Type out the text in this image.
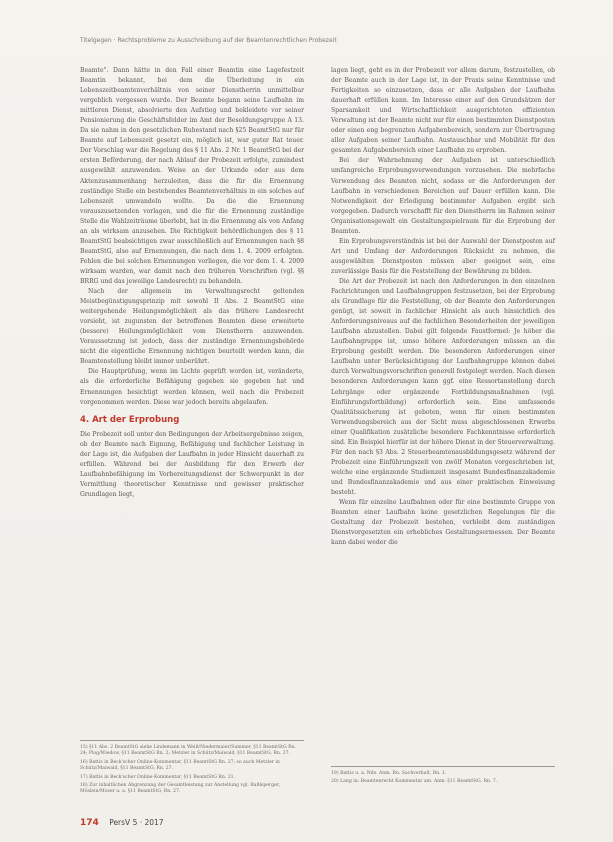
Titelgegen · Rechtsprobleme zu Ausschreibung auf der Beamtenrechtlichen Probezeit

Beamte". Dann hätte in den Fall einer Beamtin eine Lagefestzeit Beamtin bekannt, bei dem die Überleitung in ein Lebenszeitbeamtenverhältnis von seiner Dienstherrin unmittelbar vergeblich vergessen wurde. Der Beamte begann seine Laufbahn im mittleren Dienst, absolvierte den Aufstieg und bekleidete vor seiner Pensionierung die Geschäftsfelder im Amt der Besoldungsgruppe A 13. Da sie nahm in den gesetzlichen Ruhestand nach §25 BeamtStG nur für Beamte auf Lebenszeit gesetzt ein, möglich ist, war guter Rat teuer. Der Vorschlag war die Regelung des § 11 Abs. 2 Nr. 1 BeamtStG bei der ersten Beförderung, der nach Ablauf der Probezeit erfolgte, zumindest ausgewählt anzuwenden. Weise an der Urkunde oder aus dem Aktenzusammenhang herzuleiten, dass die für die Ernennung zuständige Stelle ein bestehendes Beamtenverhältnis in ein solches auf Lebenszeit umwandeln wollte. Da die die Ernennung vorauszusetzenden vorlagen, und die für die Ernennung zuständige Stelle die Wahlzeiträume überlebt, hat in die Ernennung als von Anfang an als wirksam anzusehen. Die Richtigkeit behördlichungen des § 11 BeamtStG beabsichtigen zwar ausschließlich auf Ernennungen nach §8 BeamtStG, also auf Ernennungen, die nach dem 1. 4. 2009 erfolgten. Fehlen die bei solchen Ernennungen vorliegen, die vor dem 1. 4. 2009 wirksam wurden, war damit nach den früheren Vorschriften (vgl. §§ BRRG und das jeweilige Landesrecht) zu behandeln.

Nach der allgemein im Verwaltungsrecht geltenden Meistbegünstigungsprinzip mit sowohl II Abs. 2 BeamtStG eine weitergehende Heilungsmöglichkeit als das frühere Landesrecht vorsieht, ist zugunsten der betroffenen Beamten diese erweiterte (bessere) Heilungsmöglichkeit vom Dienstherrn anzuwenden. Voraussetzung ist jedoch, dass der zuständige Ernennungsbehörde nicht die eigentliche Ernennung nichtigen beurteilt werden kann, die Beamtenstellung bleibt immer unberührt.

Die Hauptprüfung, wenn im Lichte geprüft worden ist, veränderte, als die erforderliche Befähigung gegeben sie gegeben hat und Ernennungen besichtigt werden können, weil nach die Probezeit vorgenommen werden. Diese war jedoch bereits abgelaufen.

4. Art der Erprobung

Die Probezeit soll unter den Bedingungen der Arbeitsergebnisse zeigen, ob der Beamte nach Eignung, Befähigung und fachlicher Leistung in der Lage ist, die Aufgaben der Laufbahn in jeder Hinsicht dauerhaft zu erfüllen. Während bei der Ausbildung für den Erwerb der Laufbahnbefähigung im Vorbereitungsdienst der Schwerpunkt in der Vermittlung theoretischer Kenntnisse und gewisser praktischer Grundlagen liegt,

lagen liegt, geht es in der Probezeit vor allem darum, festzustellen, ob der Beamte auch in der Lage ist, in der Praxis seine Kenntnisse und Fertigkeiten so einzusetzen, dass er alle Aufgaben der Laufbahn dauerhaft erfüllen kann. Im Interesse einer auf den Grundsätzen der Sparsamkeit und Wirtschaftlichkeit ausgerichteten effizienten Verwaltung ist der Beamte nicht nur für einen bestimmten Dienstposten oder einen eng begrenzten Aufgabenbereich, sondern zur Übertragung aller Aufgaben seiner Laufbahn. Austauschbar und Mobilität für den gesamten Aufgabenbereich einer Laufbahn zu erproben.

Bei der Wahrnehmung der Aufgaben ist unterschiedlich umfangreiche Erprobungsverwendungen vorzusehen. Die mehrfache Verwendung des Beamten nicht, sodass er die Anforderungen der Laufbahn in verschiedenen Bereichen auf Dauer erfüllen kann. Die Notwendigkeit der Erledigung bestimmter Aufgaben ergibt sich vorgegeben. Dadurch verschafft für den Dienstherrn im Rahmen seiner Organisationsgewalt ein Gestaltungsspielraum für die Erprobung der Beamten.

Ein Erprobungsverständnis ist bei der Auswahl der Dienstposten auf Art und Umfang der Anforderungen Rücksicht zu nehmen, die ausgewählten Dienstposten müssen aber geeignet sein, eine zuverlässige Basis für die Feststellung der Bewährung zu bilden.

Die Art der Probezeit ist nach den Anforderungen in den einzelnen Fachrichtungen und Laufbahngruppen festzusetzen, bei der Erprobung als Grundlage für die Feststellung, ob der Beamte den Anforderungen genügt, ist soweit in fachlicher Hinsicht als auch hinsichtlich des Anforderungsniveaus auf die fachlichen Besonderheiten der jeweiligen Laufbahn abzustellen. Dabei gilt folgende Faustformel: Je höher die Laufbahngruppe ist, umso höhere Anforderungen müssen an die Erprobung gestellt werden. Die besonderen Anforderungen einer Laufbahn unter Berücksichtigung der Laufbahngruppe können dabei durch Verwaltungsvorschriften generell festgelegt werden. Nach diesen besonderen Anforderungen kann ggf. eine Ressortanstellung durch Lehrgänge oder ergänzende Fortbildungsmaßnahmen (vgl. Einführungsfortbildung) erforderlich sein. Eine umfassende Qualitätssicherung ist geboten, wenn für einen bestimmten Verwendungsbereich aus der Sicht muss abgeschlossenen Erwerbs einer Qualifikation zusätzliche besondere Fachkenntnisse erforderlich sind. Ein Beispiel hierfür ist der höhere Dienst in der Steuerverwaltung. Für den nach §3 Abs. 2 Steuerbeamtenausbildungsgesetz während der Probezeit eine Einführungszeit von zwölf Monaten vorgeschrieben ist, welche eine ergänzende Studienzeit insgesamt Bundesfinanzakademie und Bundesfinanzakademie und aus einer praktischen Einweisung besteht.

Wenn für einzelne Laufbahnen oder für eine bestimmte Gruppe von Beamten einer Laufbahn keine gesetzlichen Regelungen für die Gestaltung der Probezeit bestehen, verbleibt dem zuständigen Dienstvorgesetzten ein erhebliches Gestaltungsermessen. Der Beamte kann dabei weder die

15) §11 Abs. 2 BeamtStG siehe Lindemann in Weiß/Niedermaier/Summer, §11 BeamtStG Rn. 24; Plog/Wiedow, §11 BeamtStG Rn. 2; Metzler in Schütz/Maiwald, §11 BeamtStG, Rn. 27.
16) Battis in Beck'scher Online-Kommentar, §11 BeamtStG Rn. 27; so auch Metzler in Schütz/Maiwald, §11 BeamtStG, Rn. 27.
17) Battis in Beck'scher Online-Kommentar, §11 BeamtStG Rn. 21.
18) Zur inhaltlichen Abgrenzung der Gesamtleistung zur Anstellung vgl. Baßlsperger, Möslein/Moser u. a. §11 BeamtStG, Rn. 27.
19) Battis u. a. Nds. Anm. Rn. Sachverhalt, Rn. 1.
20) Lang in: Beamtenrecht Kommentar am. Anm. §11 BeamtStG, Rn. 7.
174 PersV 5 · 2017
